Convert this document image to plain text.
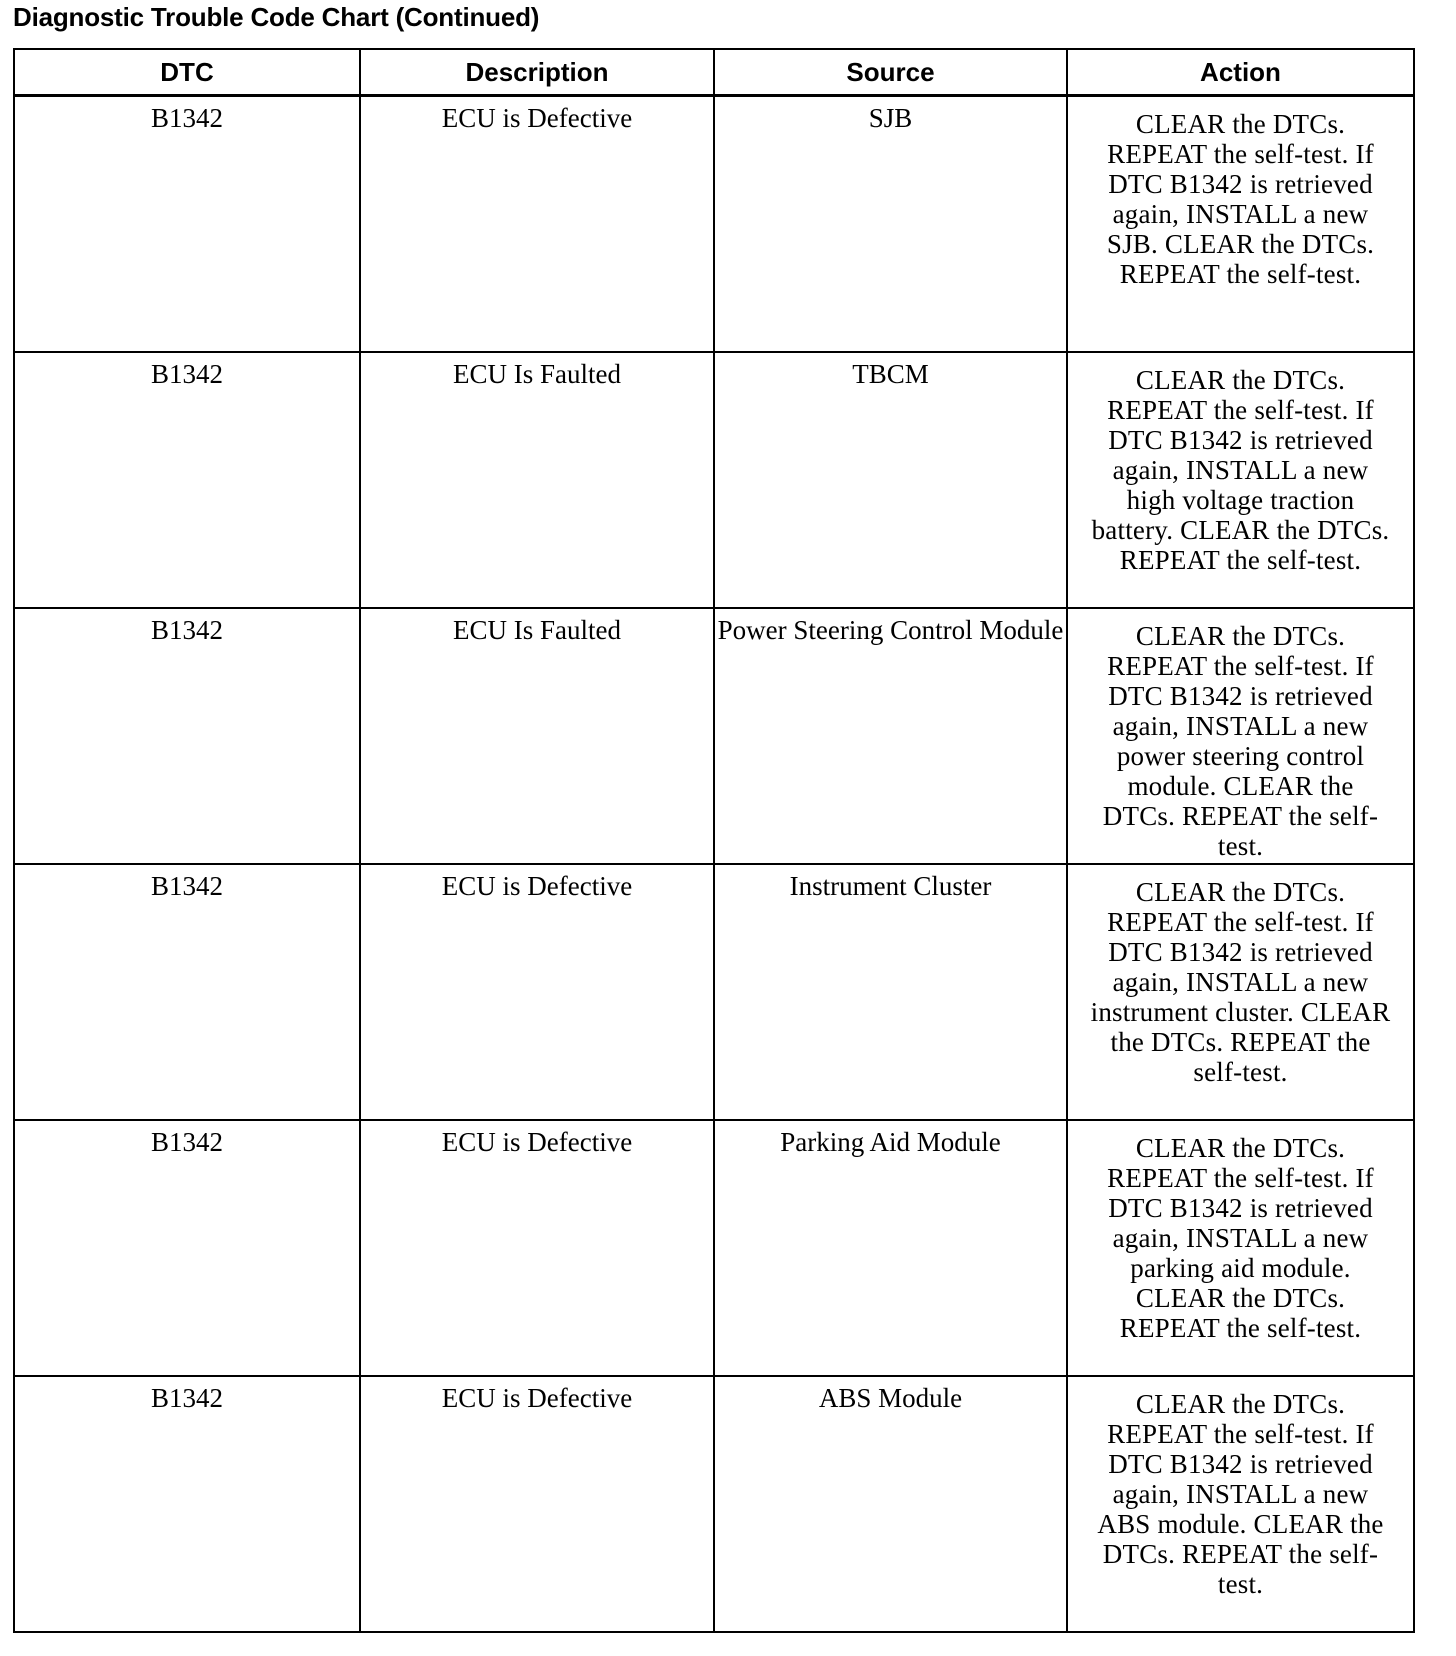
Diagnostic Trouble Code Chart (Continued)
DTC	Description	Source	Action

B1342	ECU is Defective	SJB	CLEAR the DTCs. REPEAT the self-test. If DTC B1342 is retrieved again, INSTALL a new SJB. CLEAR the DTCs. REPEAT the self-test.

B1342	ECU Is Faulted	TBCM	CLEAR the DTCs. REPEAT the self-test. If DTC B1342 is retrieved again, INSTALL a new high voltage traction battery. CLEAR the DTCs. REPEAT the self-test.

B1342	ECU Is Faulted	Power Steering Control Module	CLEAR the DTCs. REPEAT the self-test. If DTC B1342 is retrieved again, INSTALL a new power steering control module. CLEAR the DTCs. REPEAT the self-test.

B1342	ECU is Defective	Instrument Cluster	CLEAR the DTCs. REPEAT the self-test. If DTC B1342 is retrieved again, INSTALL a new instrument cluster. CLEAR the DTCs. REPEAT the self-test.

B1342	ECU is Defective	Parking Aid Module	CLEAR the DTCs. REPEAT the self-test. If DTC B1342 is retrieved again, INSTALL a new parking aid module. CLEAR the DTCs. REPEAT the self-test.

B1342	ECU is Defective	ABS Module	CLEAR the DTCs. REPEAT the self-test. If DTC B1342 is retrieved again, INSTALL a new ABS module. CLEAR the DTCs. REPEAT the self-test.
